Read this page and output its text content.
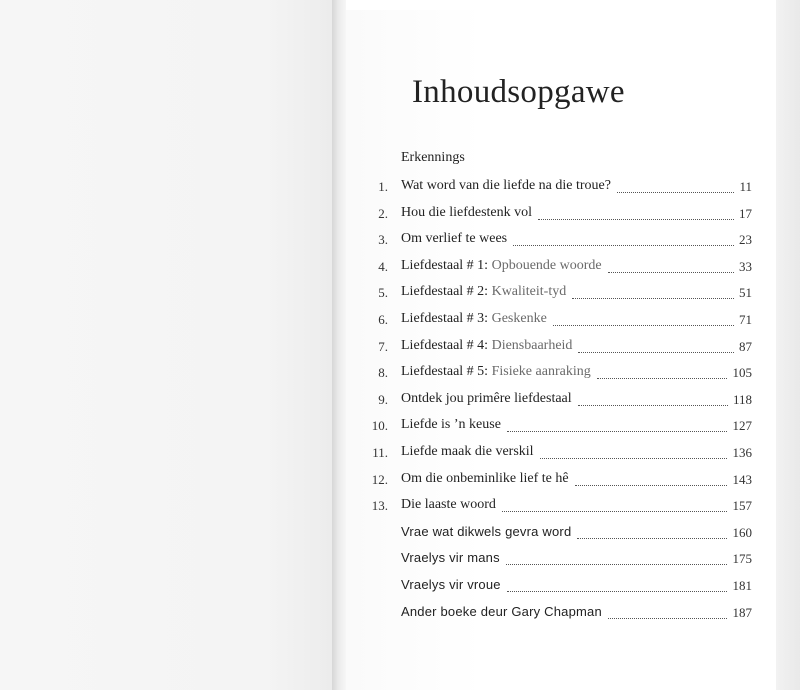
Inhoudsopgawe
Erkennings
1. Wat word van die liefde na die troue?	11
2. Hou die liefdestenk vol	17
3. Om verlief te wees	23
4. Liefdestaal # 1: Opbouende woorde	33
5. Liefdestaal # 2: Kwaliteit-tyd	51
6. Liefdestaal # 3: Geskenke	71
7. Liefdestaal # 4: Diensbaarheid	87
8. Liefdestaal # 5: Fisieke aanraking	105
9. Ontdek jou primêre liefdestaal	118
10. Liefde is ’n keuse	127
11. Liefde maak die verskil	136
12. Om die onbeminlike lief te hê	143
13. Die laaste woord	157
Vrae wat dikwels gevra word	160
Vraelys vir mans	175
Vraelys vir vroue	181
Ander boeke deur Gary Chapman	187
